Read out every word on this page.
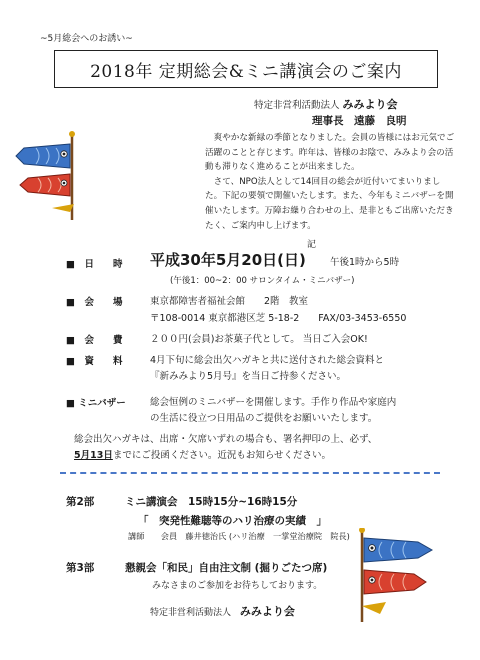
~5月総会へのお誘い~
2018年 定期総会&ミニ講演会のご案内
特定非営利活動法人 みみより会
理事長　遠藤　良明

爽やかな新緑の季節となりました。会員の皆様にはお元気でご活躍のことと存じます。昨年は、皆様のお陰で、みみより会の活動も滞りなく進めることが出来ました。

さて、NPO法人として14回目の総会が近付いてまいりました。下記の要領で開催いたします。また、今年もミニバザーを開催いたします。万障お繰り合わせの上、是非ともご出席いただきたく、ご案内申し上げます。

記
■　日　　時 平成30年5月20日(日)	午後1時から5時
(午後1：00~2：00 サロンタイム・ミニバザー)
■　会　　場	東京都障害者福祉会館　　2階　教室
〒108-0014 東京都港区芝 5-18-2　　FAX/03-3453-6550
■　会　　費	２００円(会員)お茶菓子代として。 当日ご入会OK!
■　資　　料	4月下旬に総会出欠ハガキと共に送付された総会資料と
『新みみより5月号』を当日ご持参ください。
■ ミニバザー	総会恒例のミニバザーを開催します。手作り作品や家庭内
の生活に役立つ日用品のご提供をお願いいたします。
総会出欠ハガキは、出席・欠席いずれの場合も、署名押印の上、必ず、
5月13日までにご投函ください。近況もお知らせください。
第2部	ミニ講演会　15時15分~16時15分
「　突発性難聴等のハリ治療の実績　」
講師　　会員　藤井徳治氏 (ハリ治療　一掌堂治療院　院長)
第3部	懇親会「和民」自由注文制 (掘りごたつ席)
みなさまのご参加をお待ちしております。
特定非営利活動法人 みみより会
